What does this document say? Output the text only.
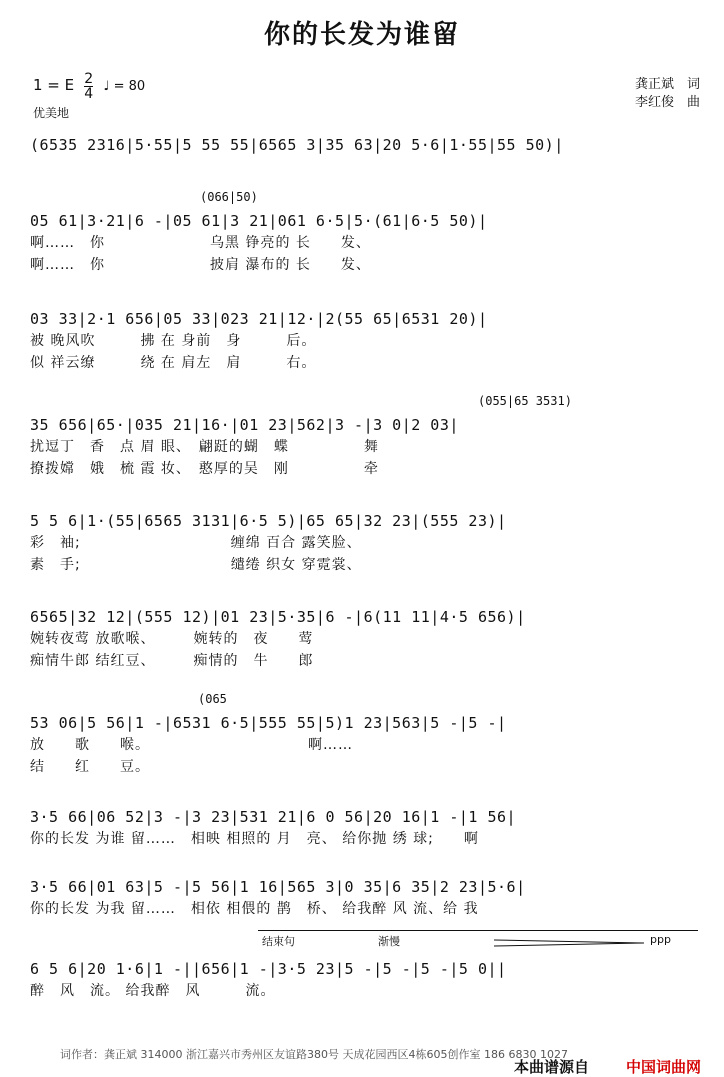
你的长发为谁留
1 = E $\frac{2}{4}$ ♩ = 80
优美地
龚正斌　词
李红俊　曲
(6535 2316|5·55|5 55 55|6565 3|35 63|20 5·6|1·55|55 50)|
(066|50)
05 61|3·21|6 -|05 61|3 21|061 6·5|5·(61|6·5 50)|
啊……　你　　　　　　　乌黑 铮亮的 长　　发、
啊……　你　　　　　　　披肩 瀑布的 长　　发、
03 33|2·1 656|05 33|023 21|12·|2(55 65|6531 20)|
被 晚风吹　　　拂 在 身前　身　　　后。
似 祥云缭　　　绕 在 肩左　肩　　　右。
(055|65 3531)
35 656|65·|035 21|16·|01 23|562|3 -|3 0|2 03|
扰逗丁　香　点 眉 眼、　翩跹的蝴　蝶　　　　　舞
撩拨嫦　娥　梳 霞 妆、　憨厚的吴　刚　　　　　牵
5 5 6|1·(55|6565 3131|6·5 5)|65 65|32 23|(555 23)|
彩　袖;　　　　　　　　　　缠绵 百合 露笑脸、
素　手;　　　　　　　　　　缱绻 织女 穿霓裳、
6565|32 12|(555 12)|01 23|5·35|6 -|6(11 11|4·5 656)|
婉转夜莺 放歌喉、　　　婉转的　夜　　莺
痴情牛郎 结红豆、　　　痴情的　牛　　郎
(065
53 06|5 56|1 -|6531 6·5|555 55|5)1 23|563|5 -|5 -|
放　　歌　　喉。　　　　　　　　　　　啊……
结　　红　　豆。
3·5 66|06 52|3 -|3 23|531 21|6 0 56|20 16|1 -|1 56|
你的长发 为谁 留……　相映 相照的 月　亮、 给你抛 绣 球;　　啊
3·5 66|01 63|5 -|5 56|1 16|565 3|0 35|6 35|2 23|5·6|
你的长发 为我 留……　相依 相偎的 鹊　桥、 给我醉 风 流、给 我
结束句	渐慢	ppp
6 5 6|20 1·6|1 -||656|1 -|3·5 23|5 -|5 -|5 -|5 0||
醉　风　流。 给我醉　风　　　流。
词作者：龚正斌 314000 浙江嘉兴市秀州区友谊路380号 天成花园西区4栋605创作室 186 6830 1027
本曲谱源自 中国词曲网
